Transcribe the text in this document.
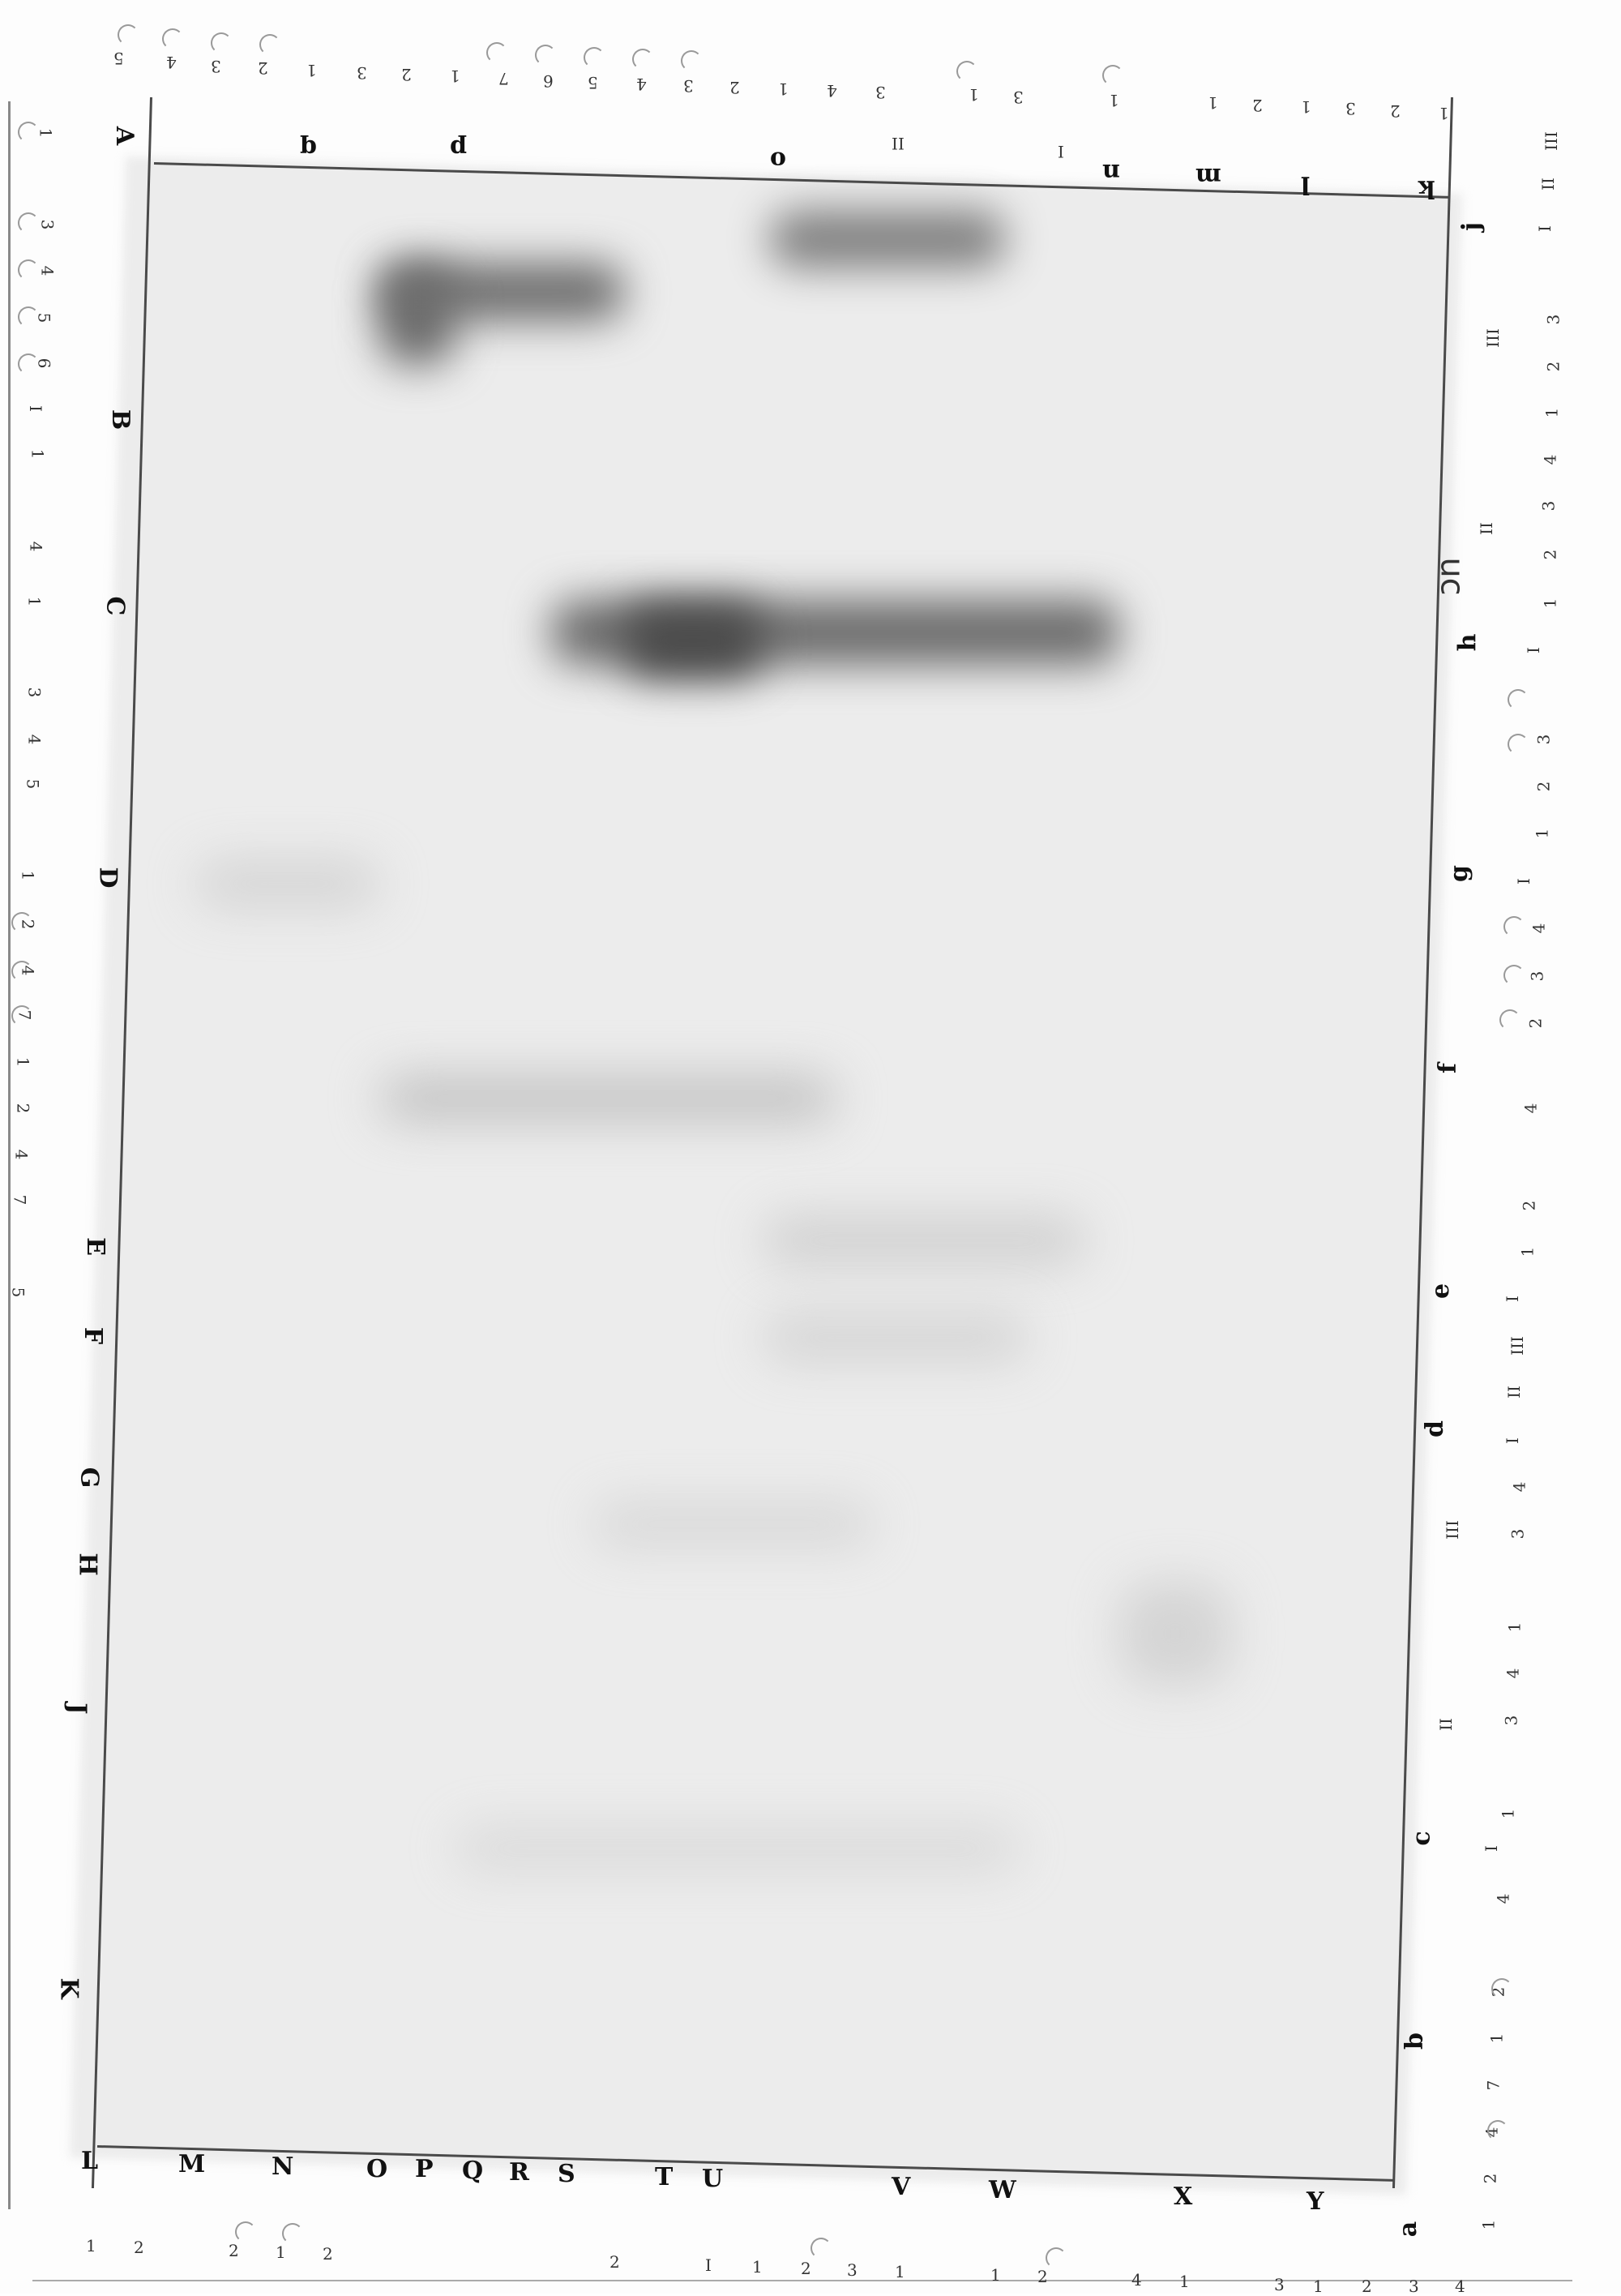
uc
q	p	o	n	m	l	k
5	4 3 2 1 3 2 1 7 6 5 4 3 2 1 4 3
II
1 3
I
1	1 2 1 3 2 1
A
B
C
D
E
F
G
H
J
K
1
3
4
5
6
I
1
4
1
3
4
5
1
2
4
7
1
2
4
7
5
L	M	N	O P Q R S	T U	V	W	X	Y
1 2	2 1 2	2	I	1 2 3 1	1 2	4 1	3 1 2 3 4
j
h
g
f
e
d
c
b
a
III
II
I
III
II
I
3
2
1
4
3
2
1
3
2
1
I
4
3
2
4
2
1
I
III
II
I
4
3
1
4
3
1
III
II
I
4
2
1
7
4
2
1
